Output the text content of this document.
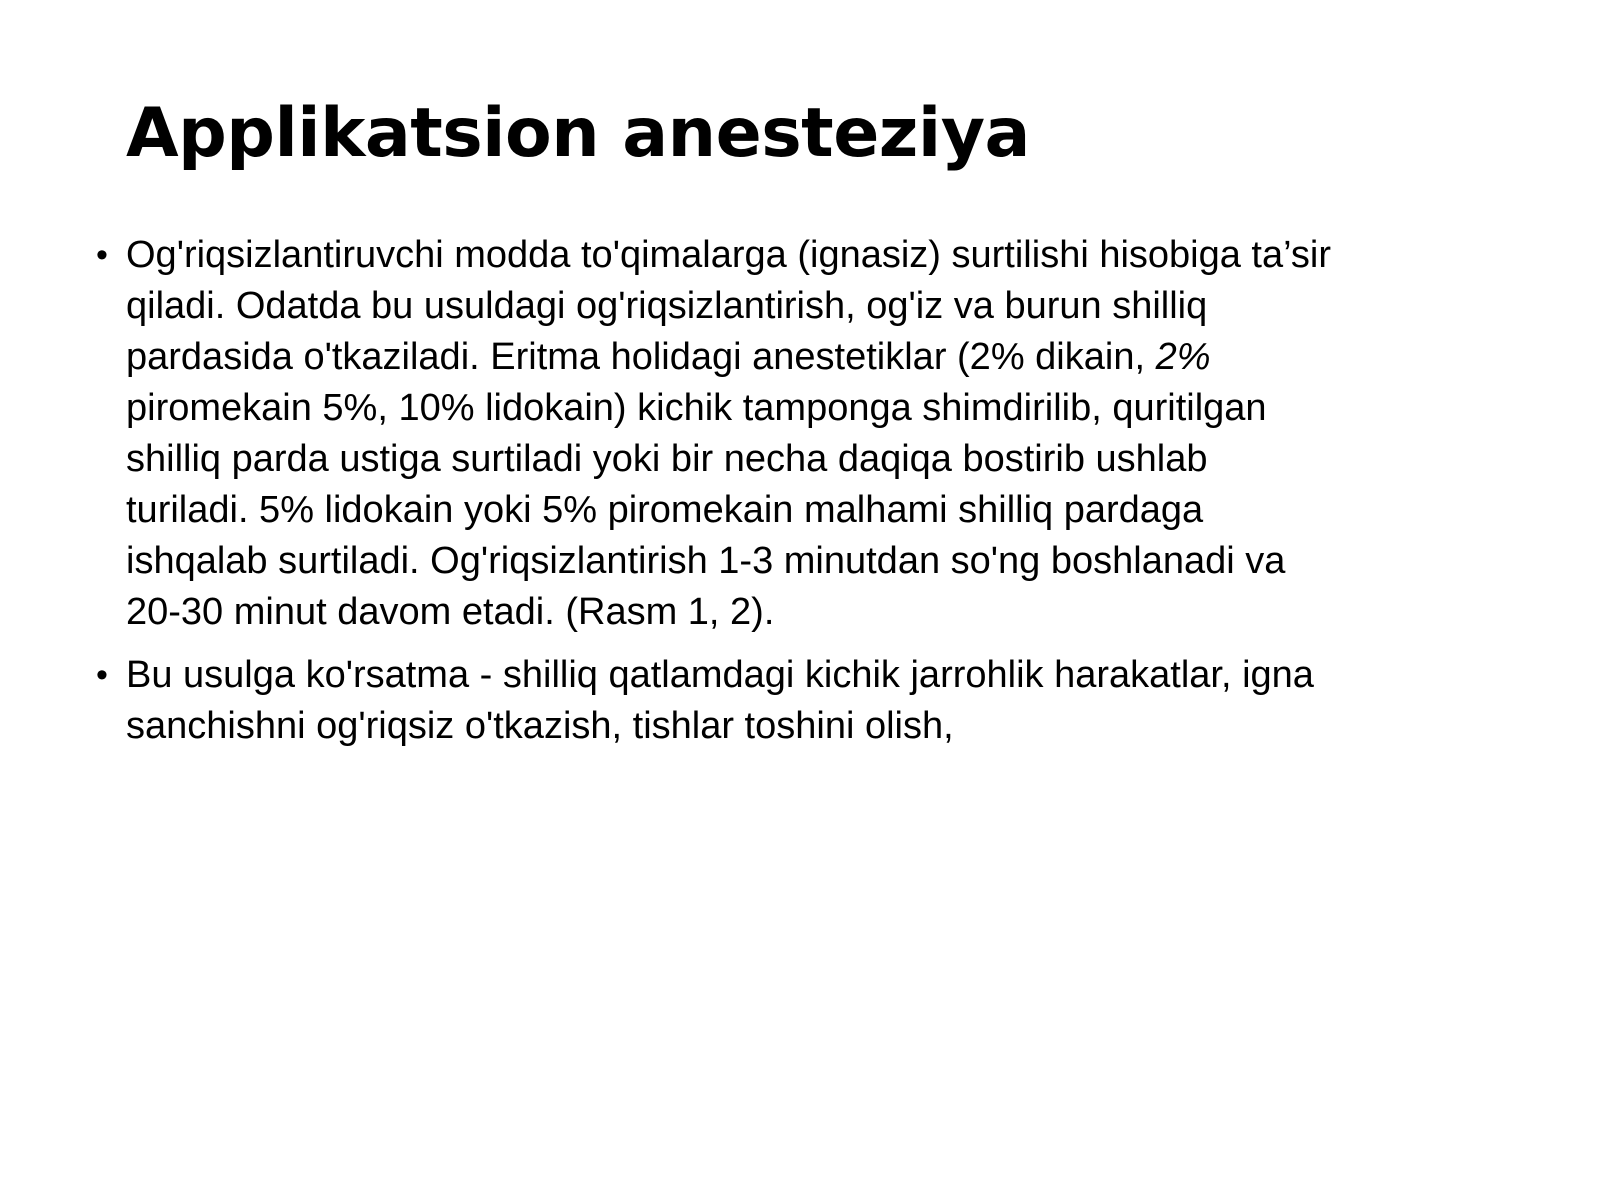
Applikatsion anesteziya
• Og'riqsizlantiruvchi modda to'qimalarga (ignasiz) surtilishi hisobiga ta’sir
qiladi. Odatda bu usuldagi og'riqsizlantirish, og'iz va burun shilliq
pardasida o'tkaziladi. Eritma holidagi anestetiklar (2% dikain, 2%
piromekain 5%, 10% lidokain) kichik tamponga shimdirilib, quritilgan
shilliq parda ustiga surtiladi yoki bir necha daqiqa bostirib ushlab
turiladi. 5% lidokain yoki 5% piromekain malhami shilliq pardaga
ishqalab surtiladi. Og'riqsizlantirish 1-3 minutdan so'ng boshlanadi va
20-30 minut davom etadi. (Rasm 1, 2).
• Bu usulga ko'rsatma - shilliq qatlamdagi kichik jarrohlik harakatlar, igna
sanchishni og'riqsiz o'tkazish, tishlar toshini olish,
